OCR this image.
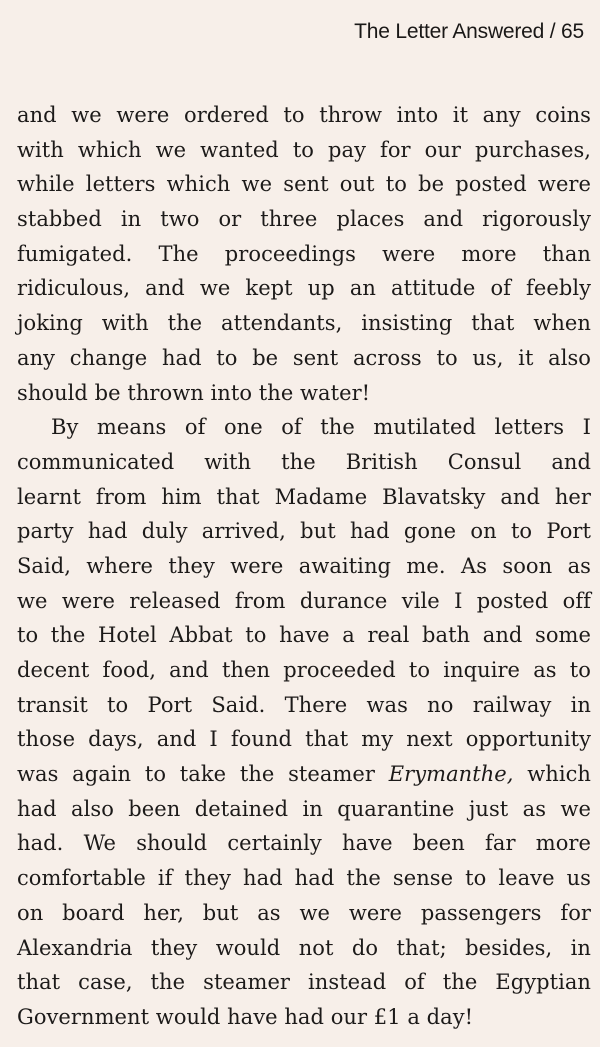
The Letter Answered / 65
and we were ordered to throw into it any coins
with which we wanted to pay for our purchases,
while letters which we sent out to be posted were
stabbed in two or three places and rigorously
fumigated. The proceedings were more than
ridiculous, and we kept up an attitude of feebly
joking with the attendants, insisting that when
any change had to be sent across to us, it also
should be thrown into the water!
By means of one of the mutilated letters I
communicated with the British Consul and
learnt from him that Madame Blavatsky and her
party had duly arrived, but had gone on to Port
Said, where they were awaiting me. As soon as
we were released from durance vile I posted off
to the Hotel Abbat to have a real bath and some
decent food, and then proceeded to inquire as to
transit to Port Said. There was no railway in
those days, and I found that my next opportunity
was again to take the steamer Erymanthe, which
had also been detained in quarantine just as we
had. We should certainly have been far more
comfortable if they had had the sense to leave us
on board her, but as we were passengers for
Alexandria they would not do that; besides, in
that case, the steamer instead of the Egyptian
Government would have had our £1 a day!
